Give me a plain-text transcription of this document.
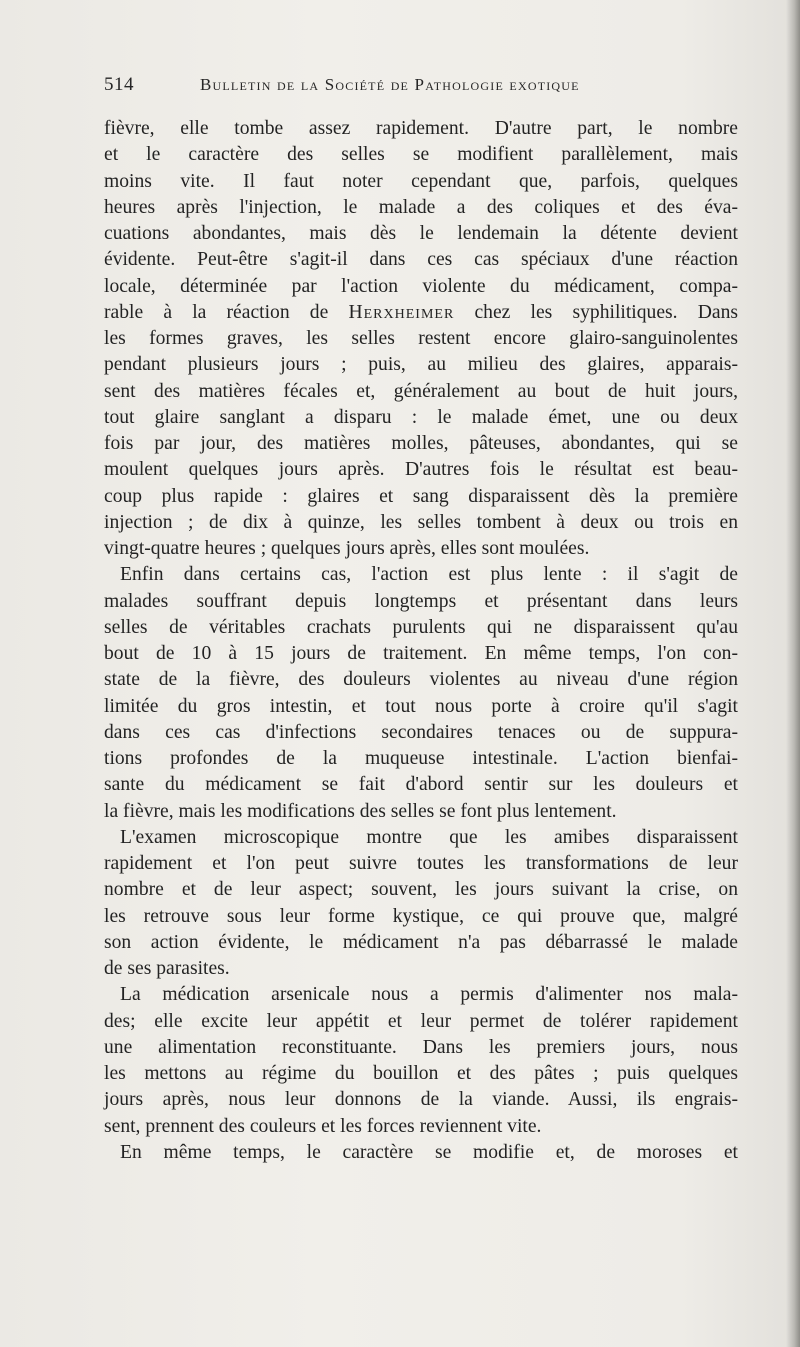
514	Bulletin de la Société de Pathologie exotique
fièvre, elle tombe assez rapidement. D'autre part, le nombre
et le caractère des selles se modifient parallèlement, mais
moins vite. Il faut noter cependant que, parfois, quelques
heures après l'injection, le malade a des coliques et des éva-
cuations abondantes, mais dès le lendemain la détente devient
évidente. Peut-être s'agit-il dans ces cas spéciaux d'une réaction
locale, déterminée par l'action violente du médicament, compa-
rable à la réaction de Herxheimer chez les syphilitiques. Dans
les formes graves, les selles restent encore glairo-sanguinolentes
pendant plusieurs jours ; puis, au milieu des glaires, apparais-
sent des matières fécales et, généralement au bout de huit jours,
tout glaire sanglant a disparu : le malade émet, une ou deux
fois par jour, des matières molles, pâteuses, abondantes, qui se
moulent quelques jours après. D'autres fois le résultat est beau-
coup plus rapide : glaires et sang disparaissent dès la première
injection ; de dix à quinze, les selles tombent à deux ou trois en
vingt-quatre heures ; quelques jours après, elles sont moulées.
Enfin dans certains cas, l'action est plus lente : il s'agit de
malades souffrant depuis longtemps et présentant dans leurs
selles de véritables crachats purulents qui ne disparaissent qu'au
bout de 10 à 15 jours de traitement. En même temps, l'on con-
state de la fièvre, des douleurs violentes au niveau d'une région
limitée du gros intestin, et tout nous porte à croire qu'il s'agit
dans ces cas d'infections secondaires tenaces ou de suppura-
tions profondes de la muqueuse intestinale. L'action bienfai-
sante du médicament se fait d'abord sentir sur les douleurs et
la fièvre, mais les modifications des selles se font plus lentement.
L'examen microscopique montre que les amibes disparaissent
rapidement et l'on peut suivre toutes les transformations de leur
nombre et de leur aspect; souvent, les jours suivant la crise, on
les retrouve sous leur forme kystique, ce qui prouve que, malgré
son action évidente, le médicament n'a pas débarrassé le malade
de ses parasites.
La médication arsenicale nous a permis d'alimenter nos mala-
des; elle excite leur appétit et leur permet de tolérer rapidement
une alimentation reconstituante. Dans les premiers jours, nous
les mettons au régime du bouillon et des pâtes ; puis quelques
jours après, nous leur donnons de la viande. Aussi, ils engrais-
sent, prennent des couleurs et les forces reviennent vite.
En même temps, le caractère se modifie et, de moroses et
